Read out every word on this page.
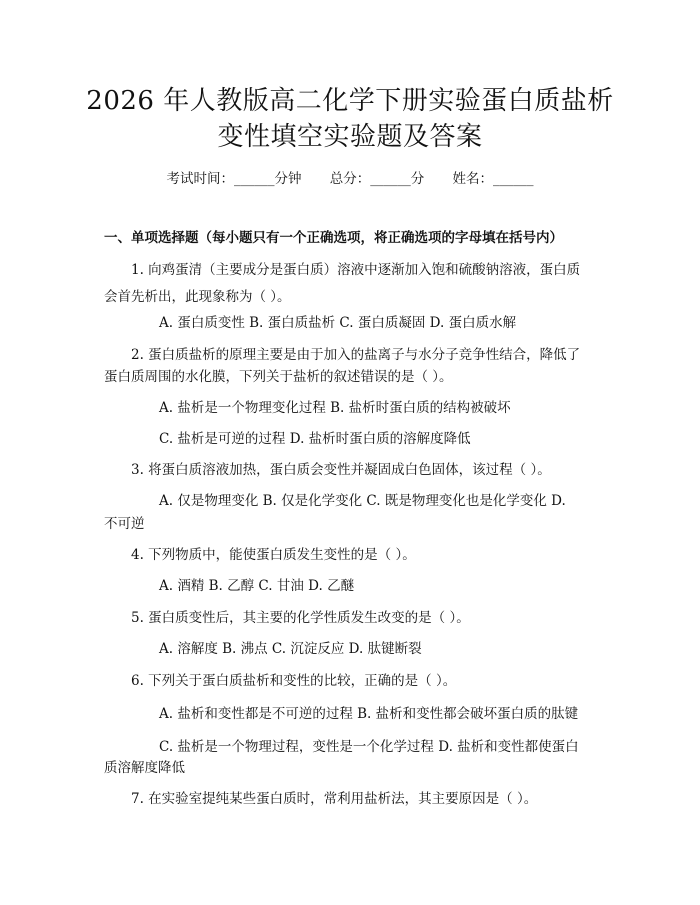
2026 年人教版高二化学下册实验蛋白质盐析
变性填空实验题及答案
考试时间：______分钟 总分：______分 姓名：______
一、单项选择题（每小题只有一个正确选项，将正确选项的字母填在括号内）
1. 向鸡蛋清（主要成分是蛋白质）溶液中逐渐加入饱和硫酸钠溶液，蛋白质
会首先析出，此现象称为（ ）。
A. 蛋白质变性 B. 蛋白质盐析 C. 蛋白质凝固 D. 蛋白质水解
2. 蛋白质盐析的原理主要是由于加入的盐离子与水分子竞争性结合，降低了
蛋白质周围的水化膜，下列关于盐析的叙述错误的是（ ）。
A. 盐析是一个物理变化过程 B. 盐析时蛋白质的结构被破坏
C. 盐析是可逆的过程 D. 盐析时蛋白质的溶解度降低
3. 将蛋白质溶液加热，蛋白质会变性并凝固成白色固体，该过程（ ）。
A. 仅是物理变化 B. 仅是化学变化 C. 既是物理变化也是化学变化 D.
不可逆
4. 下列物质中，能使蛋白质发生变性的是（ ）。
A. 酒精 B. 乙醇 C. 甘油 D. 乙醚
5. 蛋白质变性后，其主要的化学性质发生改变的是（ ）。
A. 溶解度 B. 沸点 C. 沉淀反应 D. 肽键断裂
6. 下列关于蛋白质盐析和变性的比较，正确的是（ ）。
A. 盐析和变性都是不可逆的过程 B. 盐析和变性都会破坏蛋白质的肽键
C. 盐析是一个物理过程，变性是一个化学过程 D. 盐析和变性都使蛋白
质溶解度降低
7. 在实验室提纯某些蛋白质时，常利用盐析法，其主要原因是（ ）。
